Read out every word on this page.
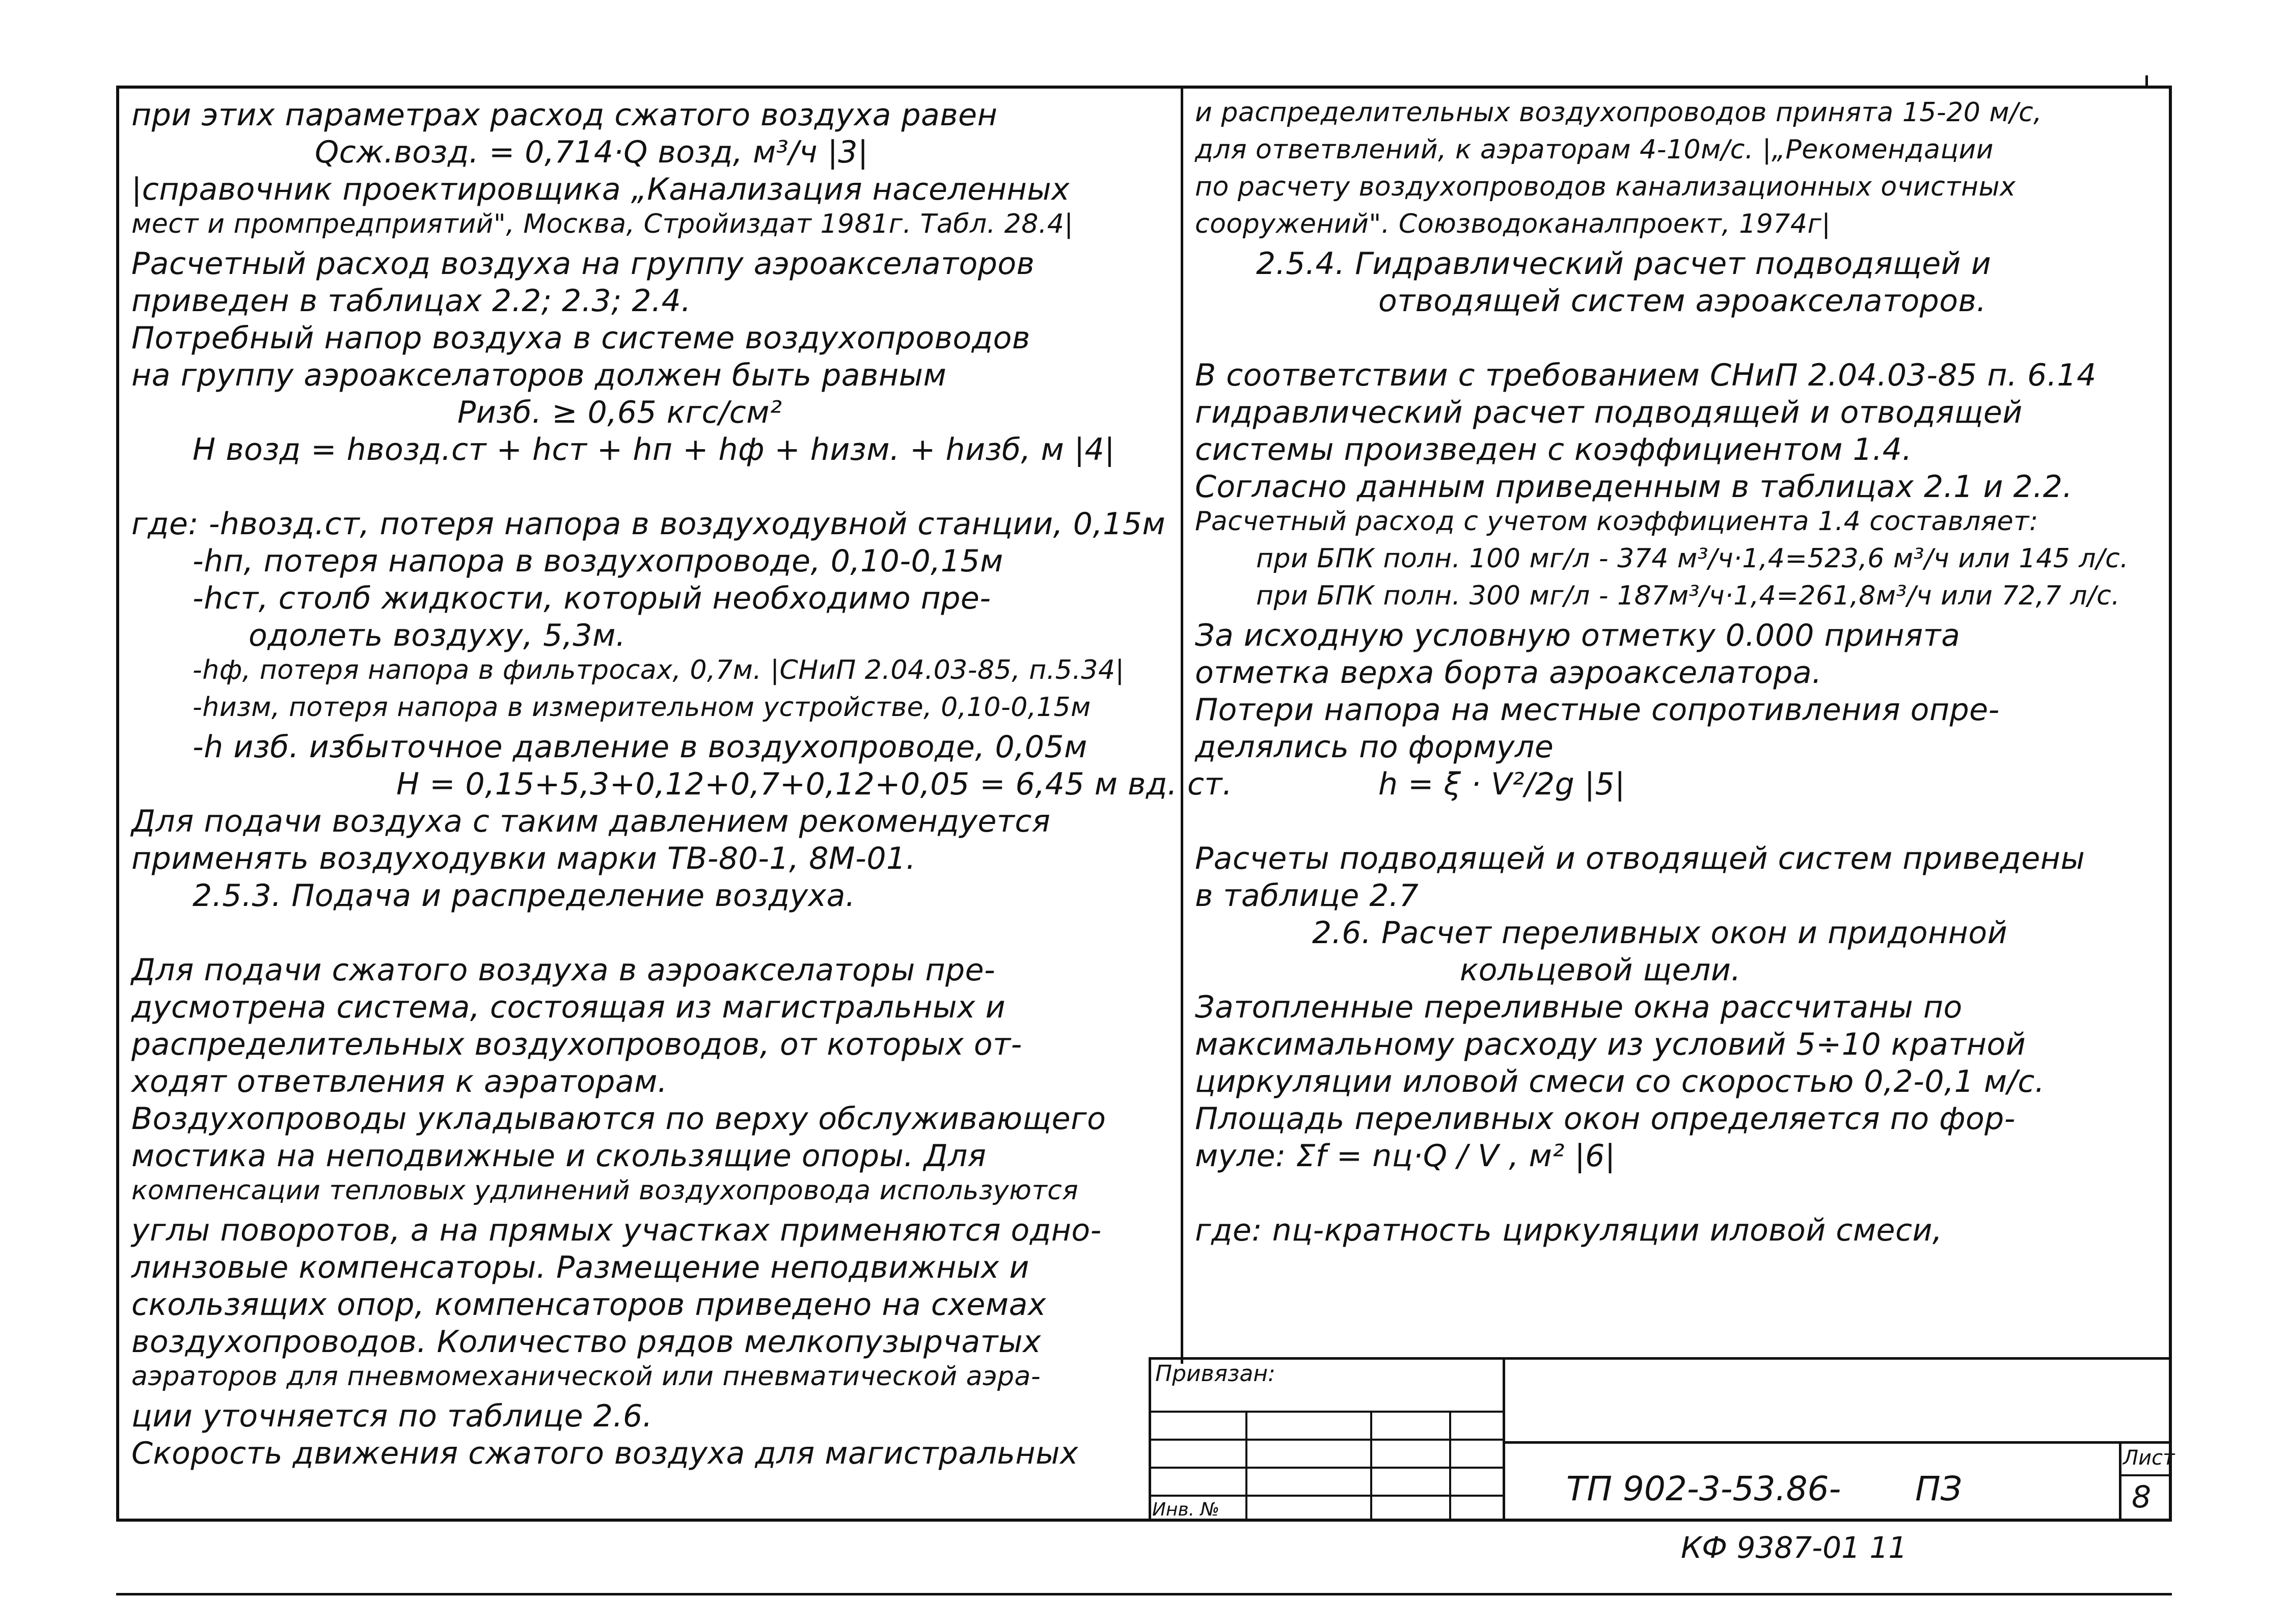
при этих параметрах расход сжатого воздуха равен
Qсж.возд. = 0,714·Q возд, м³/ч |3|
|справочник проектировщика „Канализация населенных
мест и промпредприятий", Москва, Стройиздат 1981г. Табл. 28.4|
Расчетный расход воздуха на группу аэроакселаторов
приведен в таблицах 2.2; 2.3; 2.4.
Потребный напор воздуха в системе воздухопроводов
на группу аэроакселаторов должен быть равным
Ризб. ≥ 0,65 кгс/см²
H возд = hвозд.ст + hст + hп + hф + hизм. + hизб, м |4|
где: -hвозд.ст, потеря напора в воздуходувной станции, 0,15м
-hп, потеря напора в воздухопроводе, 0,10-0,15м
-hст, столб жидкости, который необходимо пре-
одолеть воздуху, 5,3м.
-hф, потеря напора в фильтросах, 0,7м. |СНиП 2.04.03-85, п.5.34|
-hизм, потеря напора в измерительном устройстве, 0,10-0,15м
-h изб. избыточное давление в воздухопроводе, 0,05м
H = 0,15+5,3+0,12+0,7+0,12+0,05 = 6,45 м вд. ст.
Для подачи воздуха с таким давлением рекомендуется
применять воздуходувки марки ТВ-80-1, 8М-01.
2.5.3. Подача и распределение воздуха.
Для подачи сжатого воздуха в аэроакселаторы пре-
дусмотрена система, состоящая из магистральных и
распределительных воздухопроводов, от которых от-
ходят ответвления к аэраторам.
Воздухопроводы укладываются по верху обслуживающего
мостика на неподвижные и скользящие опоры. Для
компенсации тепловых удлинений воздухопровода используются
углы поворотов, а на прямых участках применяются одно-
линзовые компенсаторы. Размещение неподвижных и
скользящих опор, компенсаторов приведено на схемах
воздухопроводов. Количество рядов мелкопузырчатых
аэраторов для пневмомеханической или пневматической аэра-
ции уточняется по таблице 2.6.
Скорость движения сжатого воздуха для магистральных
и распределительных воздухопроводов принята 15-20 м/с,
для ответвлений, к аэраторам 4-10м/с. |„Рекомендации
по расчету воздухопроводов канализационных очистных
сооружений". Союзводоканалпроект, 1974г|
2.5.4. Гидравлический расчет подводящей и
отводящей систем аэроакселаторов.
В соответствии с требованием СНиП 2.04.03-85 п. 6.14
гидравлический расчет подводящей и отводящей
системы произведен с коэффициентом 1.4.
Согласно данным приведенным в таблицах 2.1 и 2.2.
Расчетный расход с учетом коэффициента 1.4 составляет:
при БПК полн. 100 мг/л - 374 м³/ч·1,4=523,6 м³/ч или 145 л/с.
при БПК полн. 300 мг/л - 187м³/ч·1,4=261,8м³/ч или 72,7 л/с.
За исходную условную отметку 0.000 принята
отметка верха борта аэроакселатора.
Потери напора на местные сопротивления опре-
делялись по формуле
h = ξ · V²/2g |5|
Расчеты подводящей и отводящей систем приведены
в таблице 2.7
2.6. Расчет переливных окон и придонной
кольцевой щели.
Затопленные переливные окна рассчитаны по
максимальному расходу из условий 5÷10 кратной
циркуляции иловой смеси со скоростью 0,2-0,1 м/с.
Площадь переливных окон определяется по фор-
муле: Σf = nц·Q / V , м² |6|
где: nц-кратность циркуляции иловой смеси,
Привязан:
Инв. №
ТП 902-3-53.86- ПЗ
Лист
8
КФ 9387-01 11
